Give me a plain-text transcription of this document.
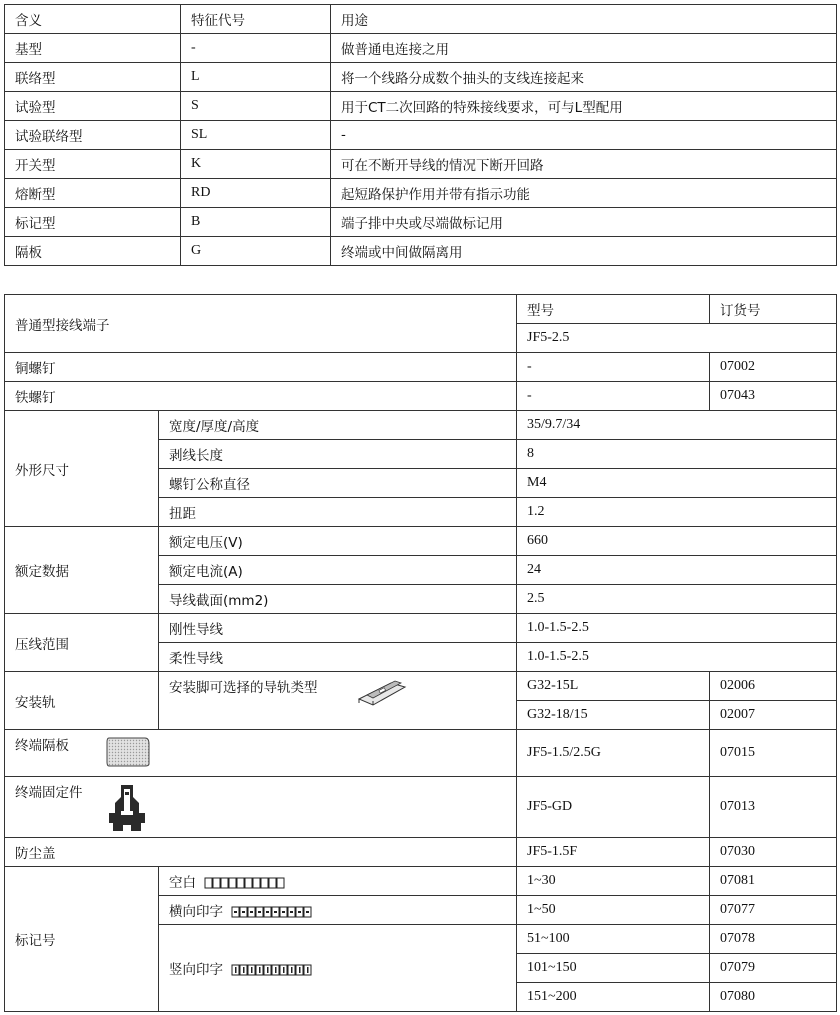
含义	特征代号	用途
基型	-	做普通电连接之用
联络型	L	将一个线路分成数个抽头的支线连接起来
试验型	S	用于CT二次回路的特殊接线要求，可与L型配用
试验联络型	SL	-
开关型	K	可在不断开导线的情况下断开回路
熔断型	RD	起短路保护作用并带有指示功能
标记型	B	端子排中央或尽端做标记用
隔板	G	终端或中间做隔离用
普通型接线端子		型号	订货号
		JF5-2.5	
铜螺钉		-	07002
铁螺钉		-	07043
外形尺寸	宽度/厚度/高度	35/9.7/34	
	剥线长度	8	
	螺钉公称直径	M4	
	扭距	1.2	
额定数据	额定电压(V)	660	
	额定电流(A)	24	
	导线截面(mm2)	2.5	
压线范围	刚性导线	1.0-1.5-2.5	
	柔性导线	1.0-1.5-2.5	
安装轨	安装脚可选择的导轨类型	G32-15L	02006
		G32-18/15	02007
终端隔板		JF5-1.5/2.5G	07015
终端固定件		JF5-GD	07013
防尘盖		JF5-1.5F	07030
标记号	空白	1~30	07081
	横向印字	1~50	07077
	竖向印字	51~100	07078
		101~150	07079
		151~200	07080
